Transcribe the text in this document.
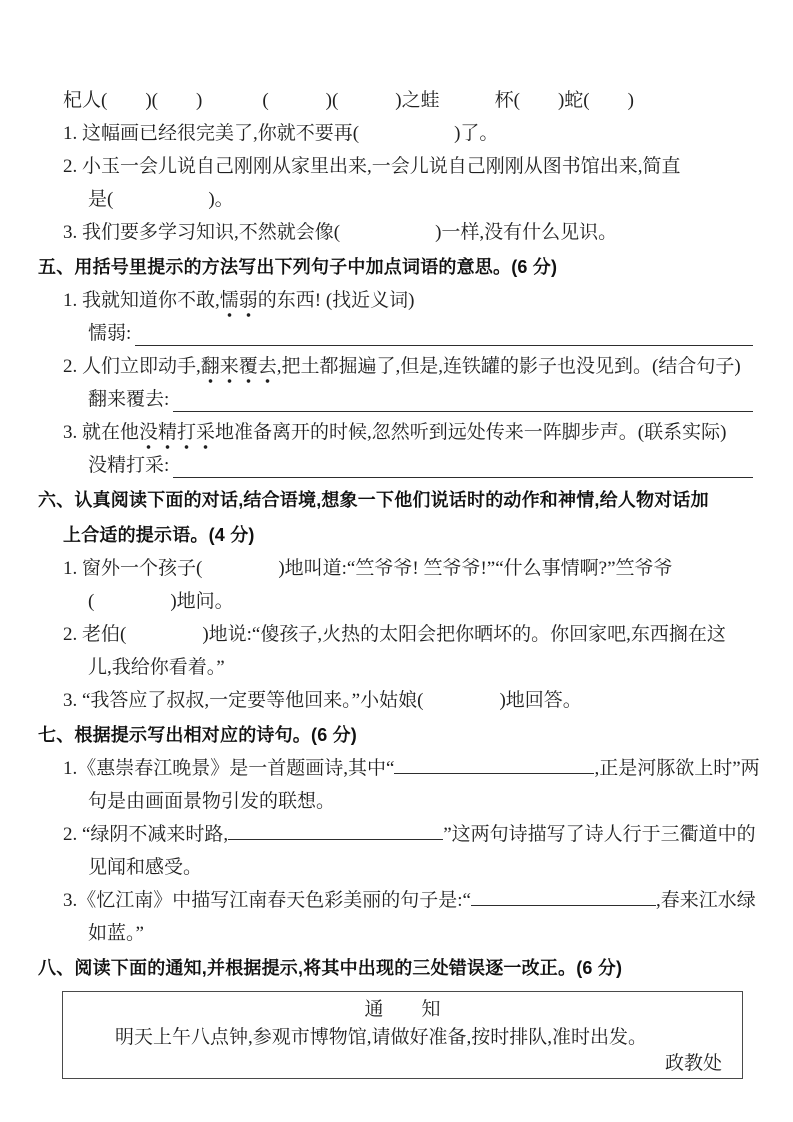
杞人(　　)(　　)	(　　　)(　　　)之蛙	杯(　　)蛇(　　)
1. 这幅画已经很完美了,你就不要再(　　　　　)了。
2. 小玉一会儿说自己刚刚从家里出来,一会儿说自己刚刚从图书馆出来,简直
是(　　　　　)。
3. 我们要多学习知识,不然就会像(　　　　　)一样,没有什么见识。
五、用括号里提示的方法写出下列句子中加点词语的意思。(6 分)
1. 我就知道你不敢,懦弱的东西! (找近义词)
懦弱:
2. 人们立即动手,翻来覆去,把土都掘遍了,但是,连铁罐的影子也没见到。(结合句子)
翻来覆去:
3. 就在他没精打采地准备离开的时候,忽然听到远处传来一阵脚步声。(联系实际)
没精打采:
六、认真阅读下面的对话,结合语境,想象一下他们说话时的动作和神情,给人物对话加
上合适的提示语。(4 分)
1. 窗外一个孩子(　　　　)地叫道:“竺爷爷! 竺爷爷!”“什么事情啊?”竺爷爷
(　　　　)地问。
2. 老伯(　　　　)地说:“傻孩子,火热的太阳会把你晒坏的。你回家吧,东西搁在这
儿,我给你看着。”
3. “我答应了叔叔,一定要等他回来。”小姑娘(　　　　)地回答。
七、根据提示写出相对应的诗句。(6 分)
1.《惠崇春江晚景》是一首题画诗,其中“	,正是河豚欲上时”两
句是由画面景物引发的联想。
2. “绿阴不减来时路,	”这两句诗描写了诗人行于三衢道中的
见闻和感受。
3.《忆江南》中描写江南春天色彩美丽的句子是:“	,春来江水绿
如蓝。”
八、阅读下面的通知,并根据提示,将其中出现的三处错误逐一改正。(6 分)
通　　知
明天上午八点钟,参观市博物馆,请做好准备,按时排队,准时出发。
政教处
